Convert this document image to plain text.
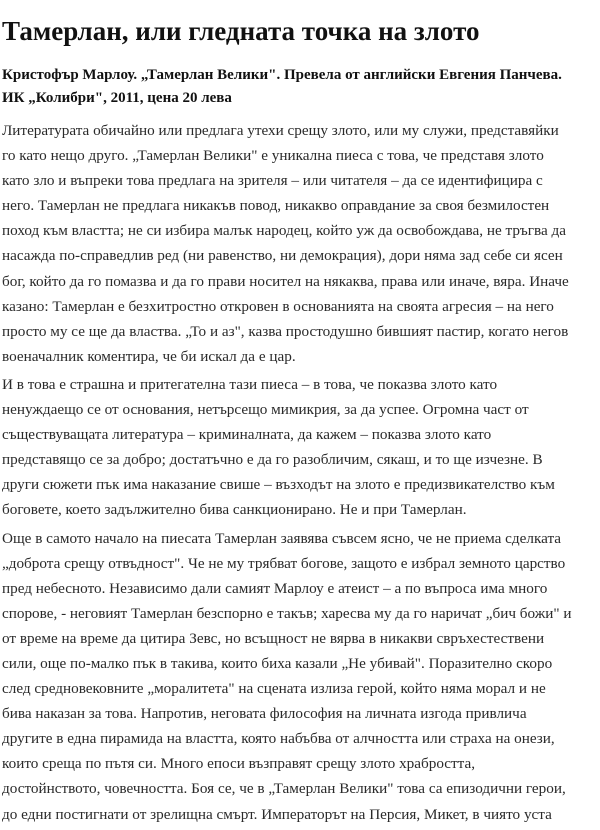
Тамерлан, или гледната точка на злото
Кристофър Марлоу. „Тамерлан Велики". Превела от английски Евгения Панчева.
ИК „Колибри", 2011, цена 20 лева

Литературата обичайно или предлага утехи срещу злото, или му служи, представяйки
го като нещо друго. „Тамерлан Велики" е уникална пиеса с това, че представя злото
като зло и въпреки това предлага на зрителя – или читателя – да се идентифицира с
него. Тамерлан не предлага никакъв повод, никакво оправдание за своя безмилостен
поход към властта; не си избира малък народец, който уж да освобождава, не тръгва да
насажда по-справедлив ред (ни равенство, ни демокрация), дори няма зад себе си ясен
бог, който да го помазва и да го прави носител на някаква, права или иначе, вяра. Иначе
казано: Тамерлан е безхитростно откровен в основанията на своята агресия – на него
просто му се ще да властва. „То и аз", казва простодушно бившият пастир, когато негов
военачалник коментира, че би искал да е цар.

И в това е страшна и притегателна тази пиеса – в това, че показва злото като
ненуждаещо се от основания, нетърсещо мимикрия, за да успее. Огромна част от
съществуващата литература – криминалната, да кажем – показва злото като
представящо се за добро; достатъчно е да го разобличим, сякаш, и то ще изчезне. В
други сюжети пък има наказание свише – възходът на злото е предизвикателство към
боговете, което задължително бива санкционирано. Не и при Тамерлан.

Още в самото начало на пиесата Тамерлан заявява съвсем ясно, че не приема сделката
„доброта срещу отвъдност". Че не му трябват богове, защото е избрал земното царство
пред небесното. Независимо дали самият Марлоу е атеист – а по въпроса има много
спорове, - неговият Тамерлан безспорно е такъв; харесва му да го наричат „бич божи" и
от време на време да цитира Зевс, но всъщност не вярва в никакви свръхестествени
сили, още по-малко пък в такива, които биха казали „Не убивай". Поразително скоро
след средновековните „моралитета" на сцената излиза герой, който няма морал и не
бива наказан за това. Напротив, неговата философия на личната изгода привлича
другите в една пирамида на властта, която набъбва от алчността или страха на онези,
които среща по пътя си. Много епоси възправят срещу злото храбростта,
достойнството, човечността. Боя се, че в „Тамерлан Велики" това са епизодични герои,
до едни постигнати от зрелищна смърт. Императорът на Персия, Микет, в чиято уста
